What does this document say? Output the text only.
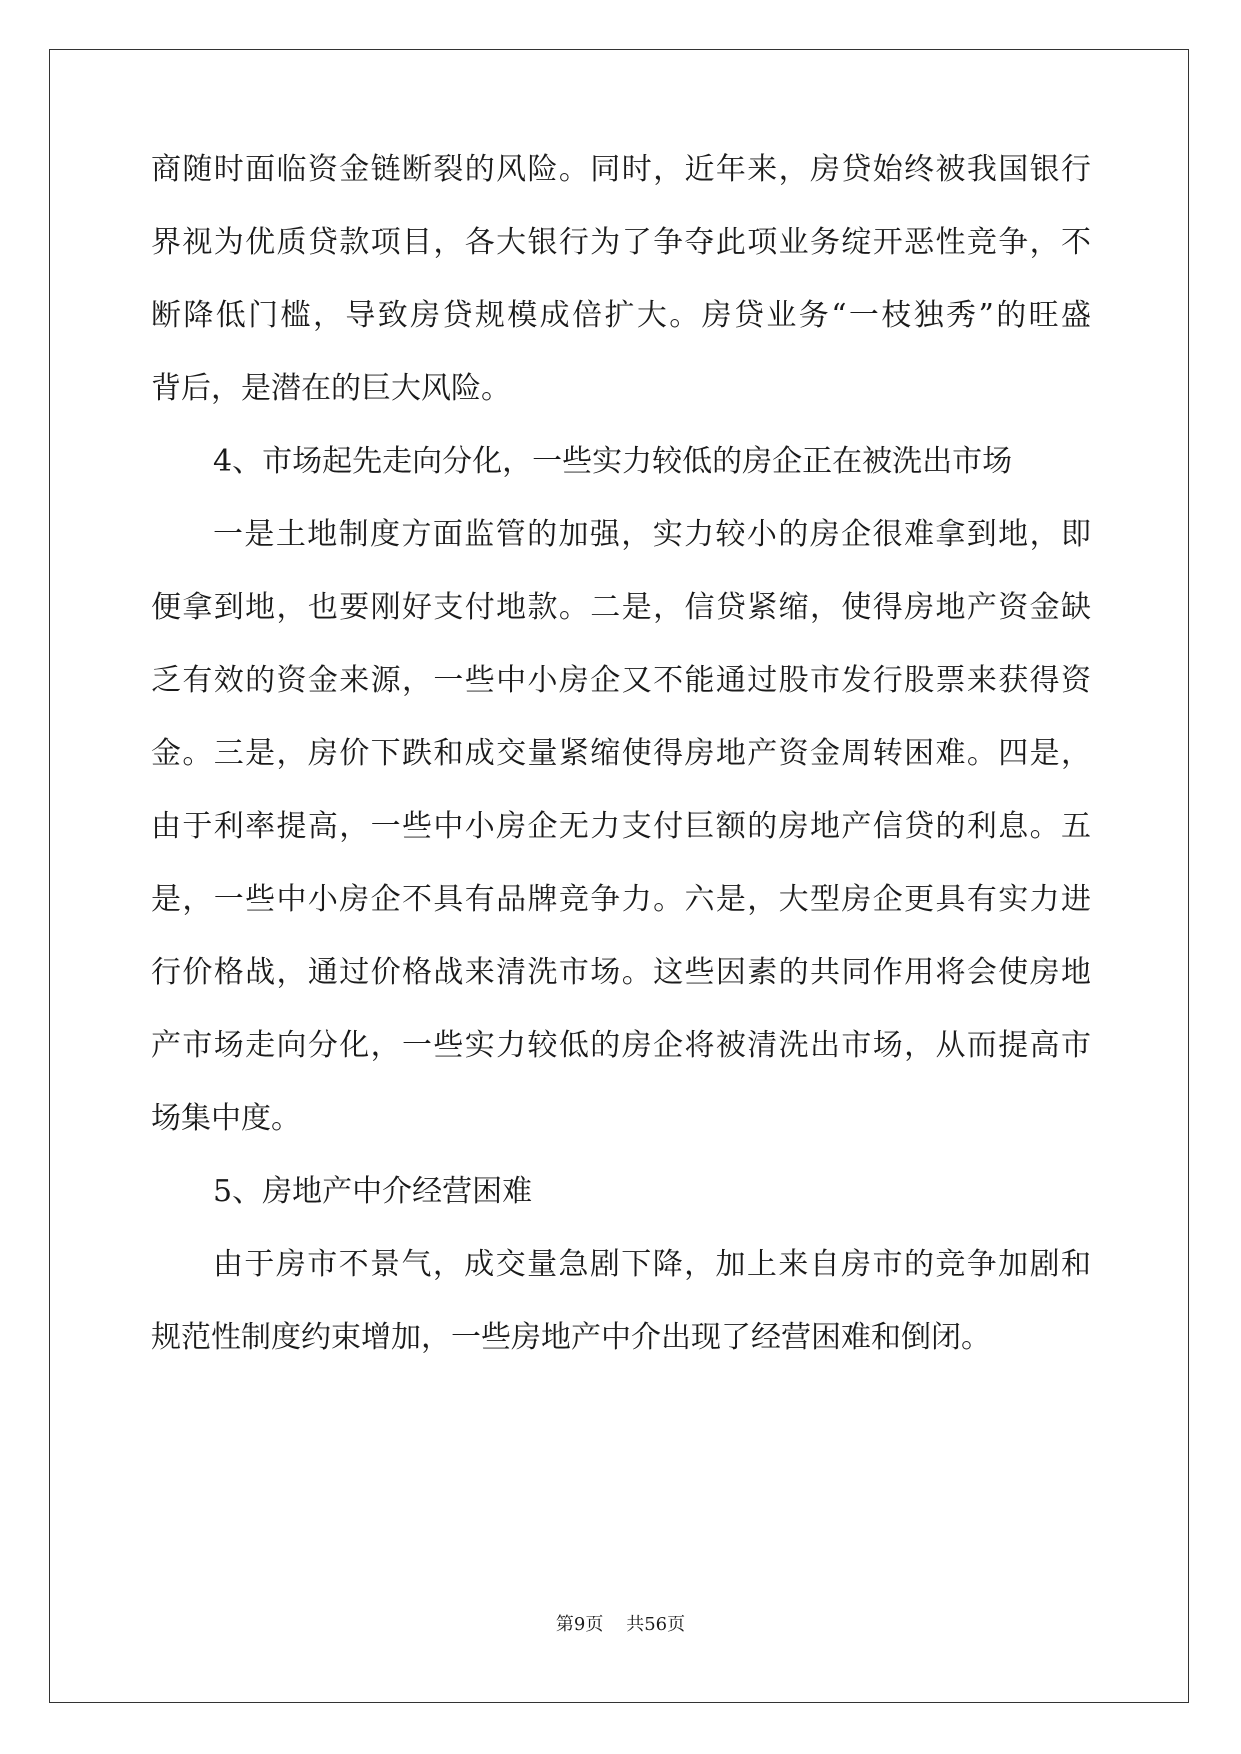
商随时面临资金链断裂的风险。同时，近年来，房贷始终被我国银行
界视为优质贷款项目，各大银行为了争夺此项业务绽开恶性竞争，不
断降低门槛，导致房贷规模成倍扩大。房贷业务“一枝独秀”的旺盛
背后，是潜在的巨大风险。
4、市场起先走向分化，一些实力较低的房企正在被洗出市场
一是土地制度方面监管的加强，实力较小的房企很难拿到地，即
便拿到地，也要刚好支付地款。二是，信贷紧缩，使得房地产资金缺
乏有效的资金来源，一些中小房企又不能通过股市发行股票来获得资
金。三是，房价下跌和成交量紧缩使得房地产资金周转困难。四是，
由于利率提高，一些中小房企无力支付巨额的房地产信贷的利息。五
是，一些中小房企不具有品牌竞争力。六是，大型房企更具有实力进
行价格战，通过价格战来清洗市场。这些因素的共同作用将会使房地
产市场走向分化，一些实力较低的房企将被清洗出市场，从而提高市
场集中度。
5、房地产中介经营困难
由于房市不景气，成交量急剧下降，加上来自房市的竞争加剧和
规范性制度约束增加，一些房地产中介出现了经营困难和倒闭。
第9页 共56页
